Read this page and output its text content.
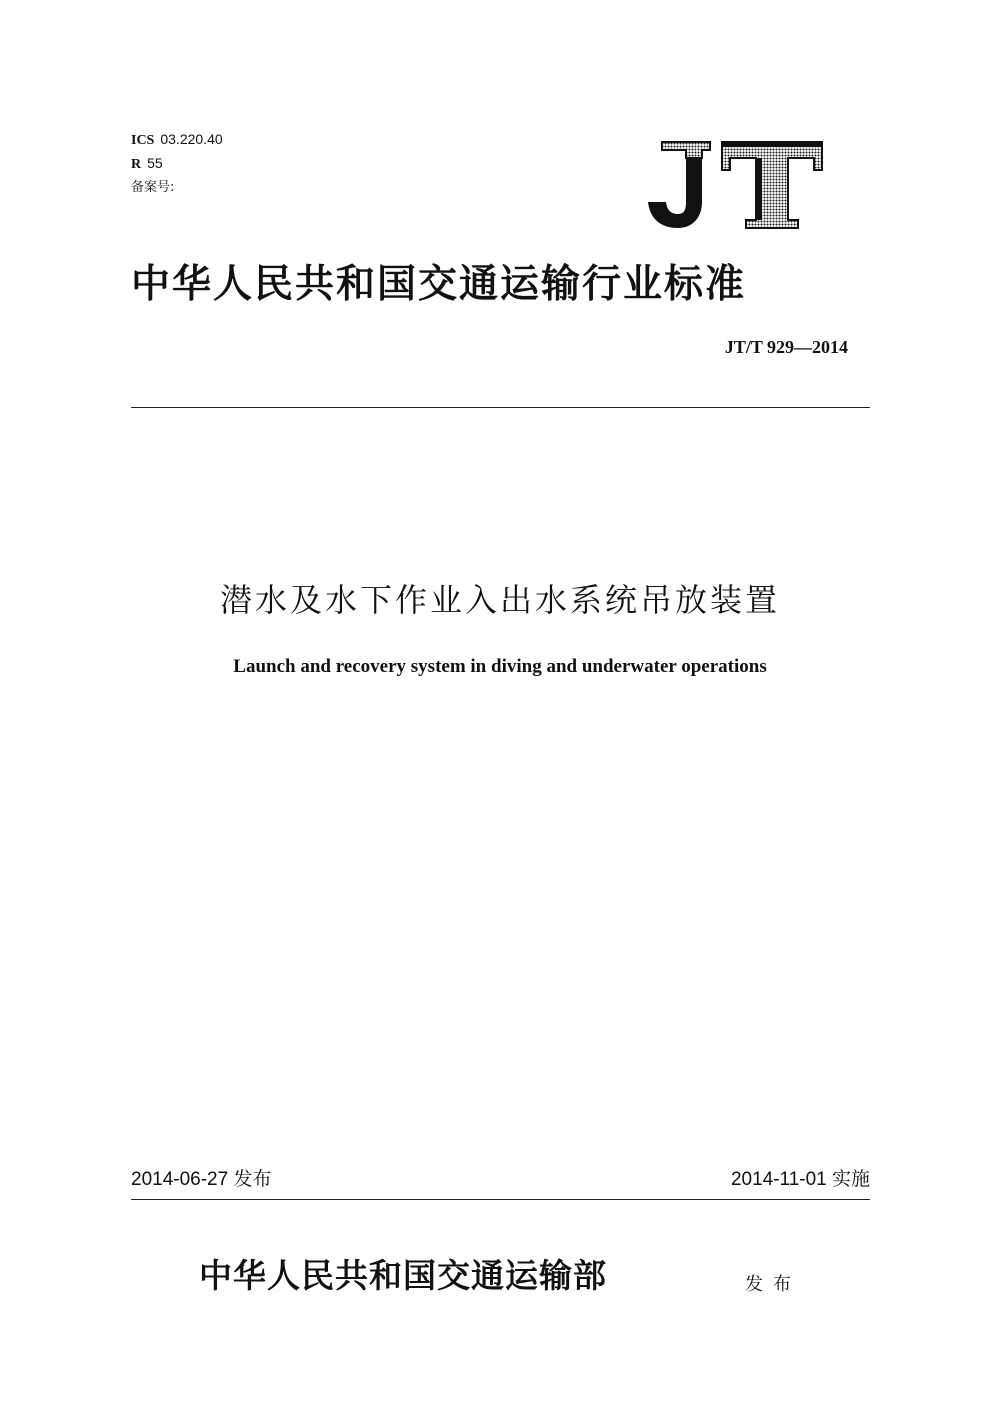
ICS 03.220.40
R 55
备案号:
中华人民共和国交通运输行业标准
JT/T 929—2014
潜水及水下作业入出水系统吊放装置
Launch and recovery system in diving and underwater operations
2014-06-27 发布	2014-11-01 实施
中华人民共和国交通运输部	发布
